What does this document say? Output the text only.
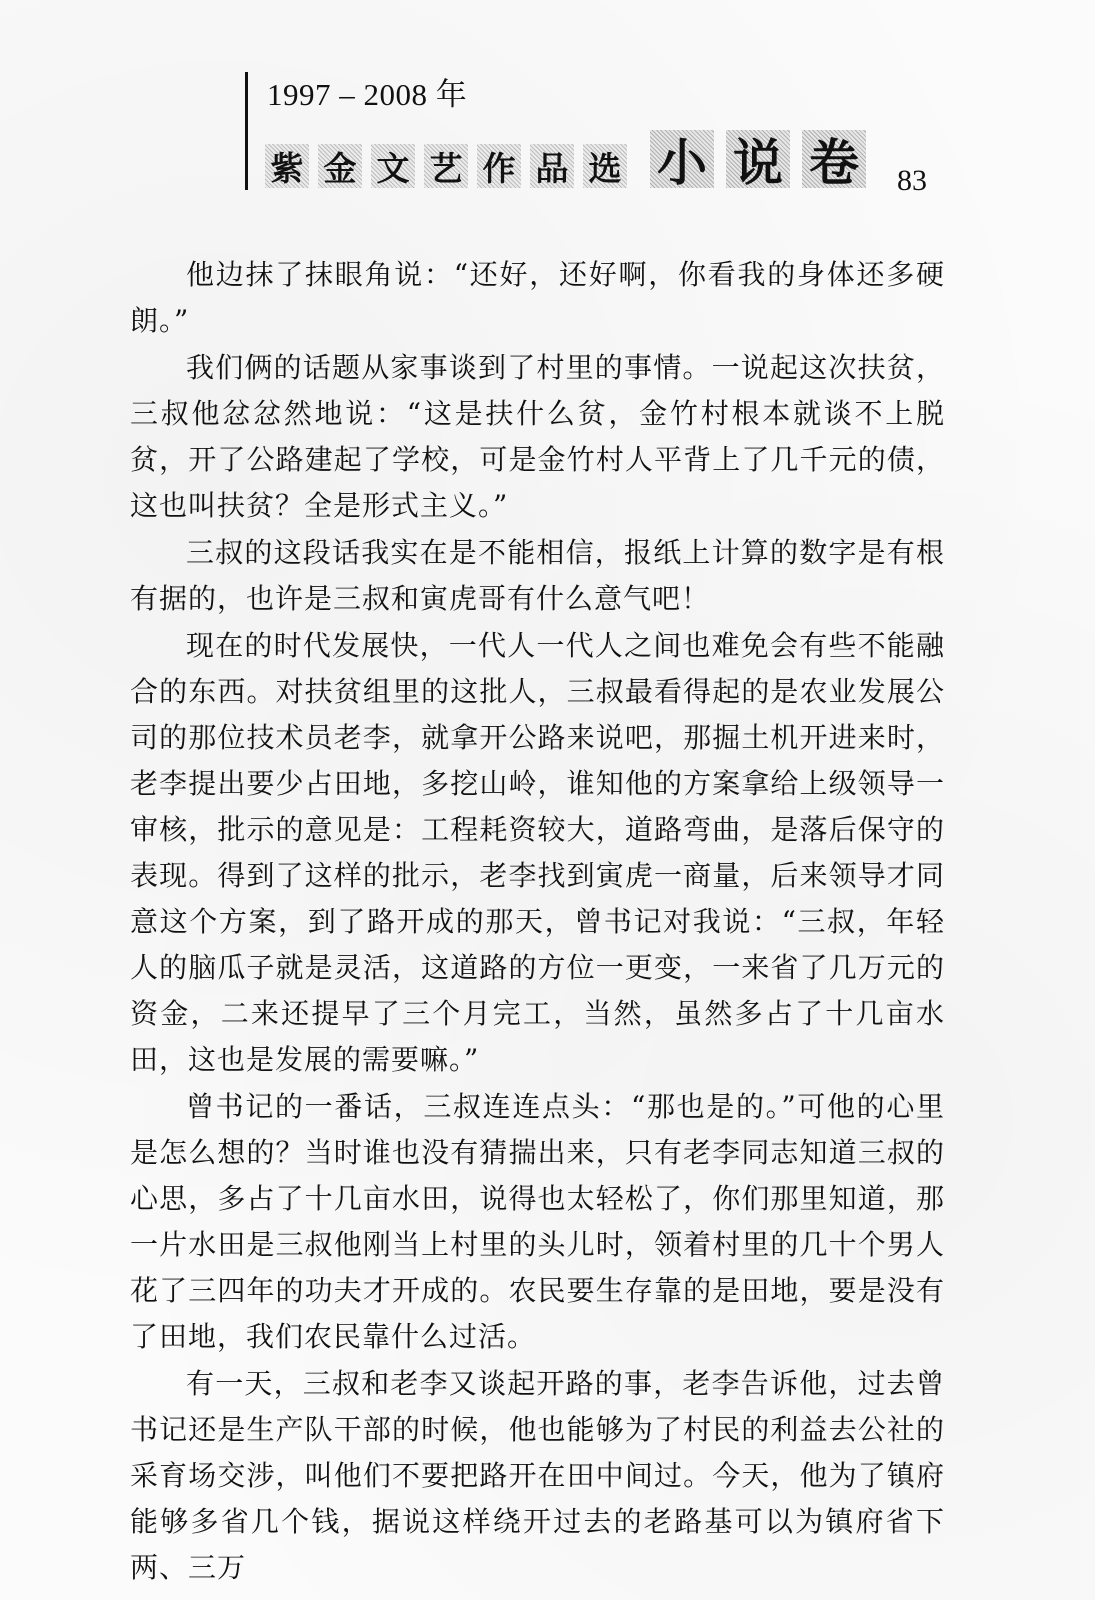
1997 – 2008 年
紫 金 文 艺 作 品 选 小 说 卷 83

他边抹了抹眼角说：“还好，还好啊，你看我的身体还多硬朗。”

我们俩的话题从家事谈到了村里的事情。一说起这次扶贫，三叔他忿忿然地说：“这是扶什么贫，金竹村根本就谈不上脱贫，开了公路建起了学校，可是金竹村人平背上了几千元的债，这也叫扶贫？全是形式主义。”

三叔的这段话我实在是不能相信，报纸上计算的数字是有根有据的，也许是三叔和寅虎哥有什么意气吧！

现在的时代发展快，一代人一代人之间也难免会有些不能融合的东西。对扶贫组里的这批人，三叔最看得起的是农业发展公司的那位技术员老李，就拿开公路来说吧，那掘土机开进来时，老李提出要少占田地，多挖山岭，谁知他的方案拿给上级领导一审核，批示的意见是：工程耗资较大，道路弯曲，是落后保守的表现。得到了这样的批示，老李找到寅虎一商量，后来领导才同意这个方案，到了路开成的那天，曾书记对我说：“三叔，年轻人的脑瓜子就是灵活，这道路的方位一更变，一来省了几万元的资金，二来还提早了三个月完工，当然，虽然多占了十几亩水田，这也是发展的需要嘛。”

曾书记的一番话，三叔连连点头：“那也是的。”可他的心里是怎么想的？当时谁也没有猜揣出来，只有老李同志知道三叔的心思，多占了十几亩水田，说得也太轻松了，你们那里知道，那一片水田是三叔他刚当上村里的头儿时，领着村里的几十个男人花了三四年的功夫才开成的。农民要生存靠的是田地，要是没有了田地，我们农民靠什么过活。

有一天，三叔和老李又谈起开路的事，老李告诉他，过去曾书记还是生产队干部的时候，他也能够为了村民的利益去公社的采育场交涉，叫他们不要把路开在田中间过。今天，他为了镇府能够多省几个钱，据说这样绕开过去的老路基可以为镇府省下两、三万
